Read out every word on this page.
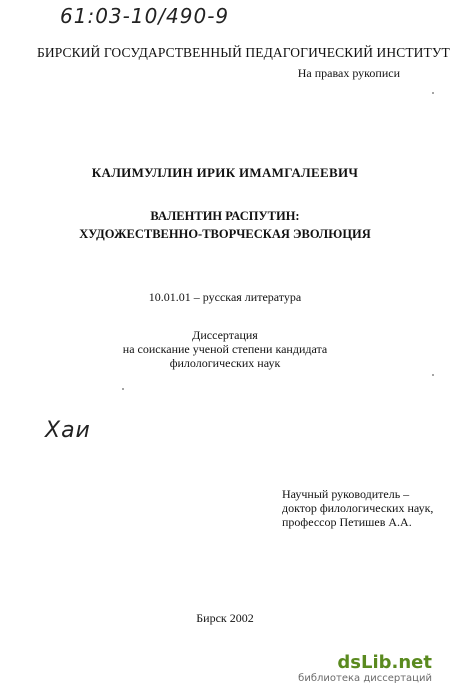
61:03-10/490-9
БИРСКИЙ ГОСУДАРСТВЕННЫЙ ПЕДАГОГИЧЕСКИЙ ИНСТИТУТ
На правах рукописи
КАЛИМУЛЛИН ИРИК ИМАМГАЛЕЕВИЧ
ВАЛЕНТИН РАСПУТИН:
ХУДОЖЕСТВЕННО-ТВОРЧЕСКАЯ ЭВОЛЮЦИЯ
10.01.01 – русская литература
Диссертация
на соискание ученой степени кандидата
филологических наук
Хаи
Научный руководитель –
доктор филологических наук,
профессор Петишев А.А.
Бирск 2002
dsLib.net
библиотека диссертаций
